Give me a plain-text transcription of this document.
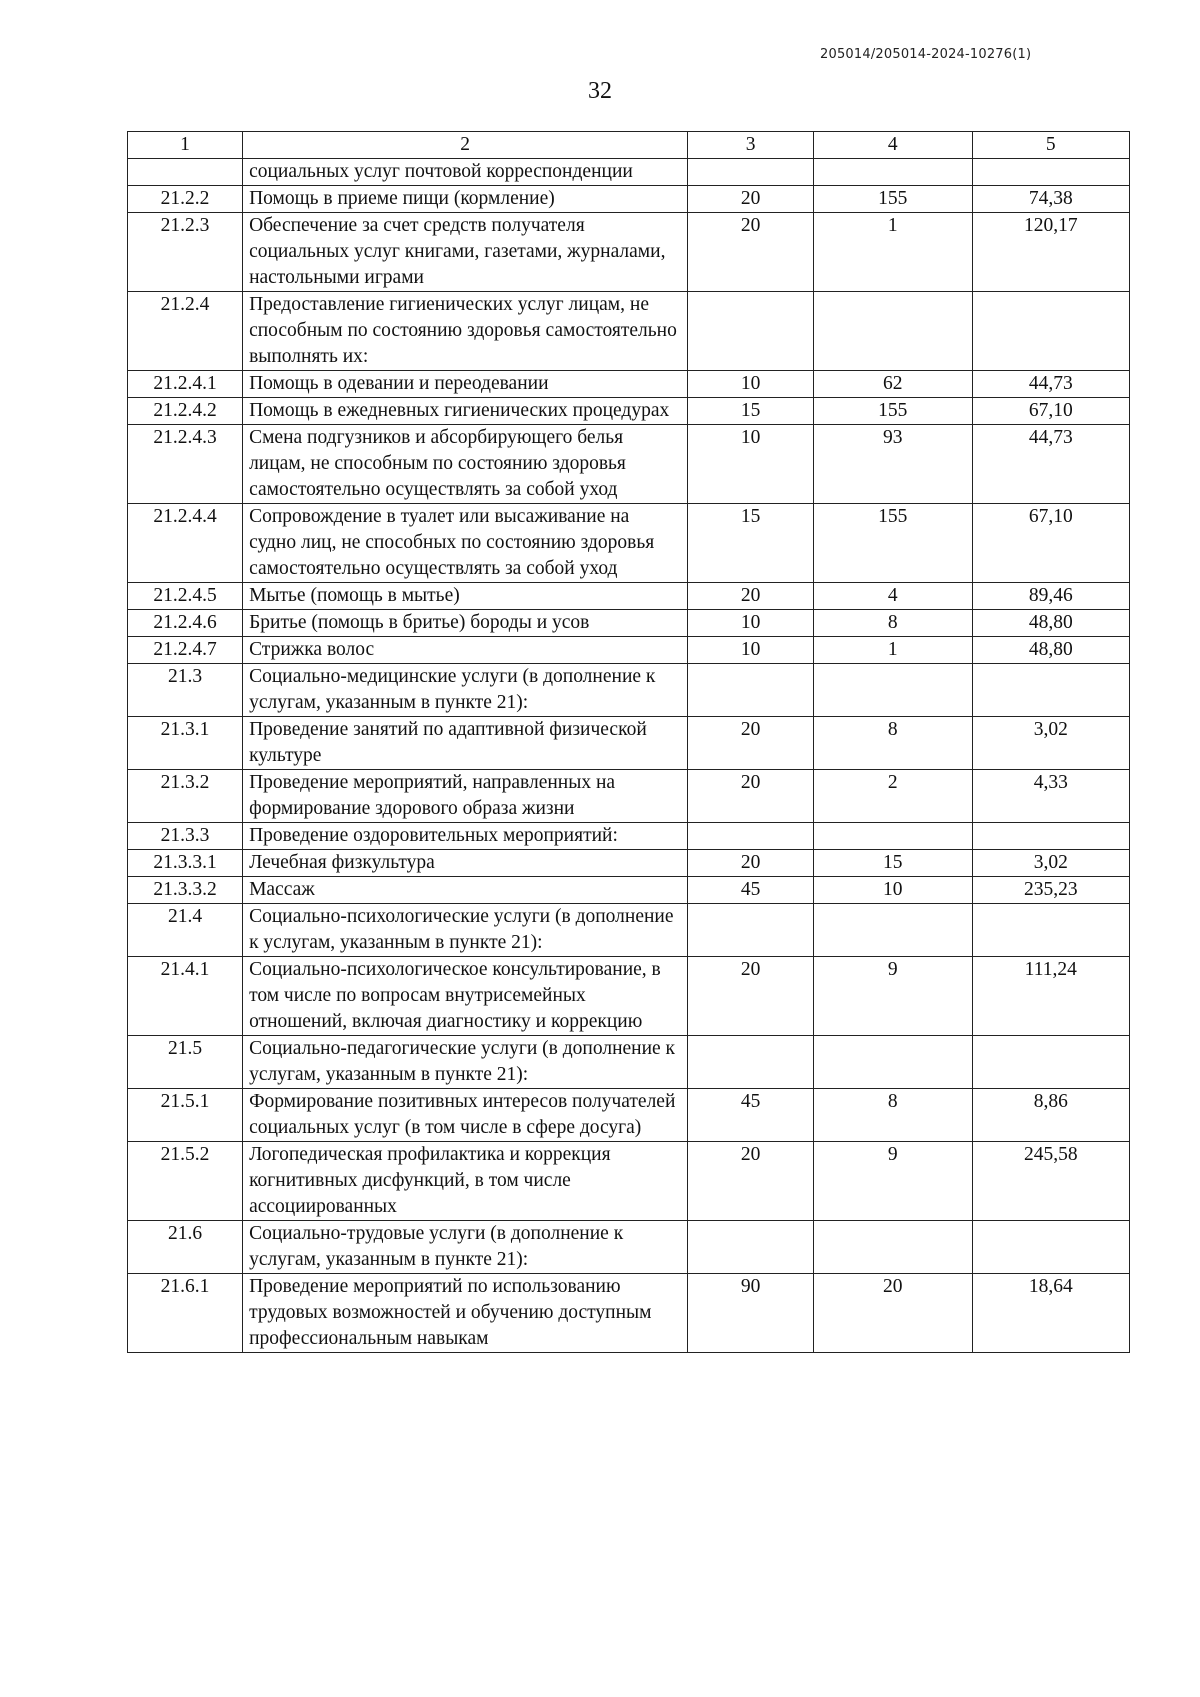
205014/205014-2024-10276(1)
32
1	2	3	4	5
	социальных услуг почтовой корреспонденции			
21.2.2	Помощь в приеме пищи (кормление)	20	155	74,38
21.2.3	Обеспечение за счет средств получателя социальных услуг книгами, газетами, журналами, настольными играми	20	1	120,17
21.2.4	Предоставление гигиенических услуг лицам, не способным по состоянию здоровья самостоятельно выполнять их:			
21.2.4.1	Помощь в одевании и переодевании	10	62	44,73
21.2.4.2	Помощь в ежедневных гигиенических процедурах	15	155	67,10
21.2.4.3	Смена подгузников и абсорбирующего белья лицам, не способным по состоянию здоровья самостоятельно осуществлять за собой уход	10	93	44,73
21.2.4.4	Сопровождение в туалет или высаживание на судно лиц, не способных по состоянию здоровья самостоятельно осуществлять за собой уход	15	155	67,10
21.2.4.5	Мытье (помощь в мытье)	20	4	89,46
21.2.4.6	Бритье (помощь в бритье) бороды и усов	10	8	48,80
21.2.4.7	Стрижка волос	10	1	48,80
21.3	Социально-медицинские услуги (в дополнение к услугам, указанным в пункте 21):			
21.3.1	Проведение занятий по адаптивной физической культуре	20	8	3,02
21.3.2	Проведение мероприятий, направленных на формирование здорового образа жизни	20	2	4,33
21.3.3	Проведение оздоровительных мероприятий:			
21.3.3.1	Лечебная физкультура	20	15	3,02
21.3.3.2	Массаж	45	10	235,23
21.4	Социально-психологические услуги (в дополнение к услугам, указанным в пункте 21):			
21.4.1	Социально-психологическое консультирование, в том числе по вопросам внутрисемейных отношений, включая диагностику и коррекцию	20	9	111,24
21.5	Социально-педагогические услуги (в дополнение к услугам, указанным в пункте 21):			
21.5.1	Формирование позитивных интересов получателей социальных услуг (в том числе в сфере досуга)	45	8	8,86
21.5.2	Логопедическая профилактика и коррекция когнитивных дисфункций, в том числе ассоциированных	20	9	245,58
21.6	Социально-трудовые услуги (в дополнение к услугам, указанным в пункте 21):			
21.6.1	Проведение мероприятий по использованию трудовых возможностей и обучению доступным профессиональным навыкам	90	20	18,64
